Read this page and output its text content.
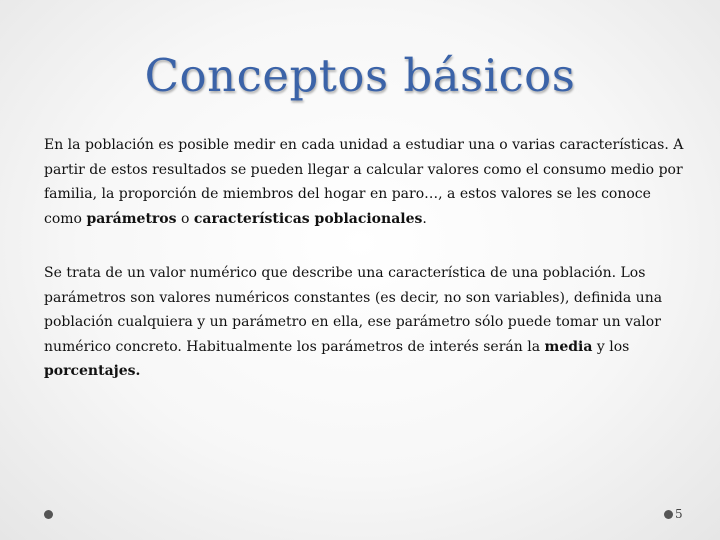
Conceptos básicos

En la población es posible medir en cada unidad a estudiar una o varias características. A partir de estos resultados se pueden llegar a calcular valores como el consumo medio por familia, la proporción de miembros del hogar en paro…, a estos valores se les conoce como parámetros o características poblacionales.

Se trata de un valor numérico que describe una característica de una población. Los parámetros son valores numéricos constantes (es decir, no son variables), definida una población cualquiera y un parámetro en ella, ese parámetro sólo puede tomar un valor numérico concreto. Habitualmente los parámetros de interés serán la media y los porcentajes.

5
